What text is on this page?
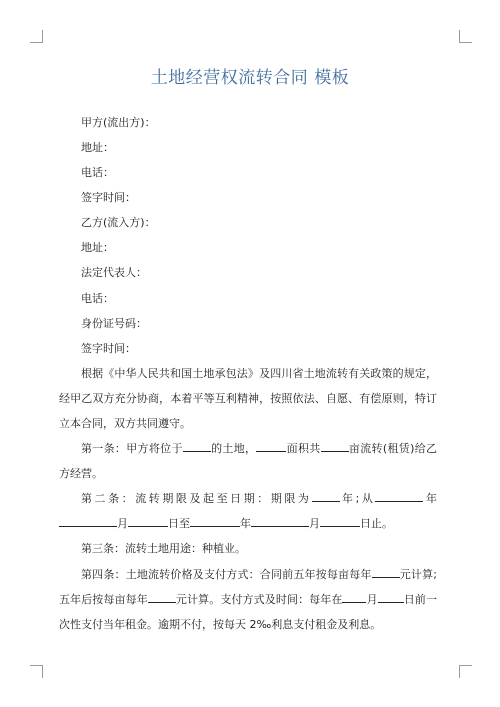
土地经营权流转合同 模板
甲方(流出方)：
地址：
电话：
签字时间：
乙方(流入方)：
地址：
法定代表人：
电话：
身份证号码：
签字时间：
根据《中华人民共和国土地承包法》及四川省土地流转有关政策的规定，经甲乙双方充分协商，本着平等互利精神，按照依法、自愿、有偿原则，特订立本合同，双方共同遵守。
第一条：甲方将位于	的土地，	面积共	亩流转(租赁)给乙方经营。
第二条：流转期限及起至日期：期限为	年;从	年月	日至	年	月	日止。
第三条：流转土地用途：种植业。
第四条：土地流转价格及支付方式：合同前五年按每亩每年	元计算;五年后按每亩每年	元计算。支付方式及时间：每年在 月 日前一次性支付当年租金。逾期不付，按每天 2‰利息支付租金及利息。
